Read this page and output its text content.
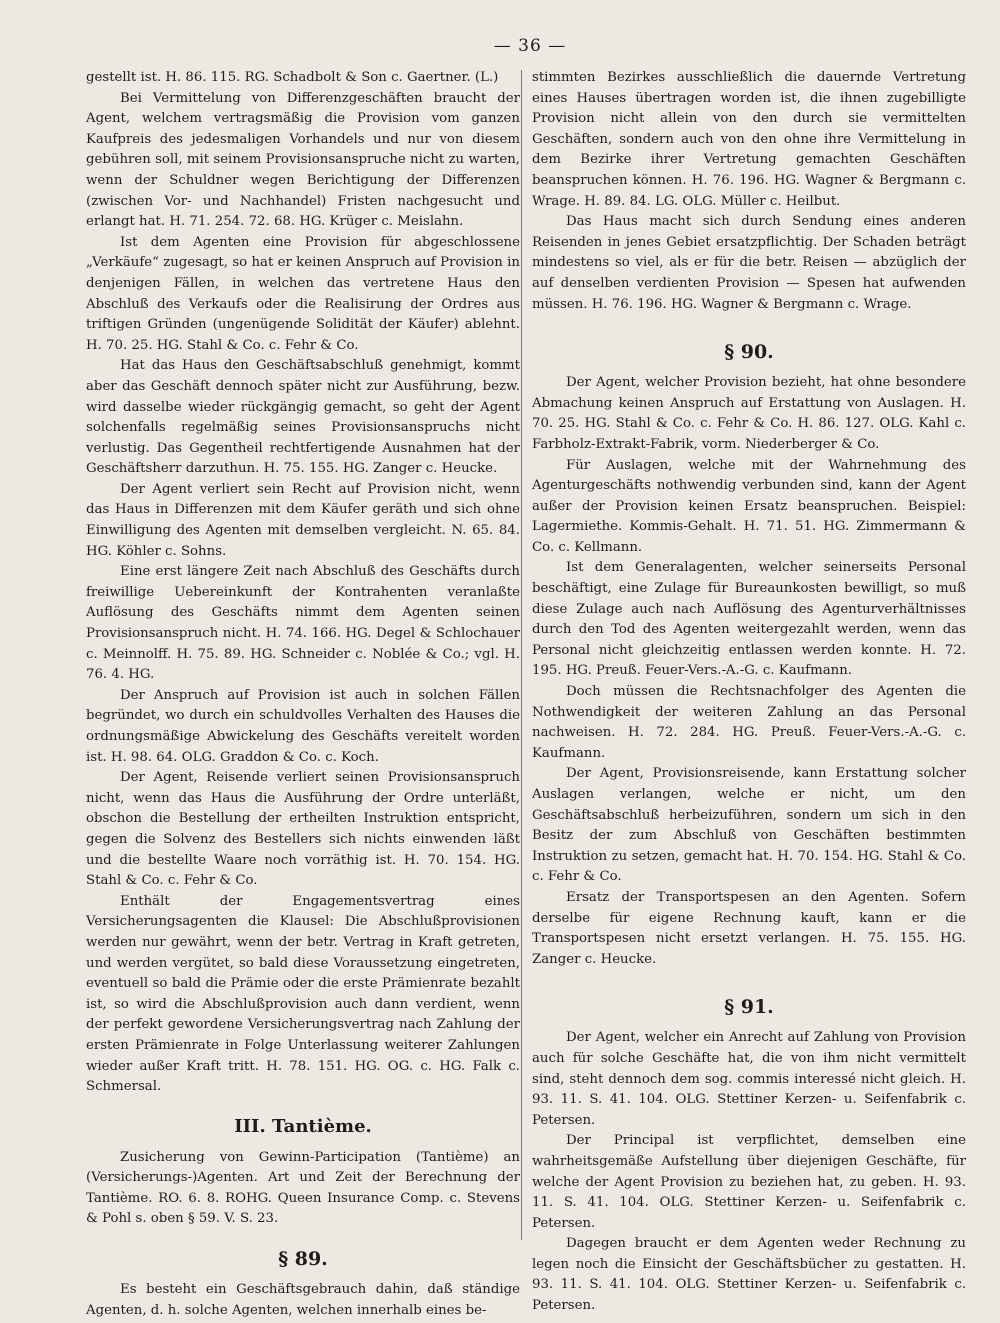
— 36 —

gestellt ist. H. 86. 115. RG. Schadbolt & Son c. Gaertner. (L.)

Bei Vermittelung von Differenzgeschäften braucht der Agent, welchem vertragsmäßig die Provision vom ganzen Kaufpreis des jedesmaligen Vorhandels und nur von diesem gebühren soll, mit seinem Provisionsanspruche nicht zu warten, wenn der Schuldner wegen Berichtigung der Differenzen (zwischen Vor- und Nachhandel) Fristen nachgesucht und erlangt hat. H. 71. 254. 72. 68. HG. Krüger c. Meislahn.

Ist dem Agenten eine Provision für abgeschlossene „Verkäufe“ zugesagt, so hat er keinen Anspruch auf Provision in denjenigen Fällen, in welchen das vertretene Haus den Abschluß des Verkaufs oder die Realisirung der Ordres aus triftigen Gründen (ungenügende Solidität der Käufer) ablehnt. H. 70. 25. HG. Stahl & Co. c. Fehr & Co.

Hat das Haus den Geschäftsabschluß genehmigt, kommt aber das Geschäft dennoch später nicht zur Ausführung, bezw. wird dasselbe wieder rückgängig gemacht, so geht der Agent solchenfalls regelmäßig seines Provisionsanspruchs nicht verlustig. Das Gegentheil rechtfertigende Ausnahmen hat der Geschäftsherr darzuthun. H. 75. 155. HG. Zanger c. Heucke.

Der Agent verliert sein Recht auf Provision nicht, wenn das Haus in Differenzen mit dem Käufer geräth und sich ohne Einwilligung des Agenten mit demselben vergleicht. N. 65. 84. HG. Köhler c. Sohns.

Eine erst längere Zeit nach Abschluß des Geschäfts durch freiwillige Uebereinkunft der Kontrahenten veranlaßte Auflösung des Geschäfts nimmt dem Agenten seinen Provisionsanspruch nicht. H. 74. 166. HG. Degel & Schlochauer c. Meinnolff. H. 75. 89. HG. Schneider c. Noblée & Co.; vgl. H. 76. 4. HG.

Der Anspruch auf Provision ist auch in solchen Fällen begründet, wo durch ein schuldvolles Verhalten des Hauses die ordnungsmäßige Abwickelung des Geschäfts vereitelt worden ist. H. 98. 64. OLG. Graddon & Co. c. Koch.

Der Agent, Reisende verliert seinen Provisionsanspruch nicht, wenn das Haus die Ausführung der Ordre unterläßt, obschon die Bestellung der ertheilten Instruktion entspricht, gegen die Solvenz des Bestellers sich nichts einwenden läßt und die bestellte Waare noch vorräthig ist. H. 70. 154. HG. Stahl & Co. c. Fehr & Co.

Enthält der Engagementsvertrag eines Versicherungsagenten die Klausel: Die Abschlußprovisionen werden nur gewährt, wenn der betr. Vertrag in Kraft getreten, und werden vergütet, so bald diese Voraussetzung eingetreten, eventuell so bald die Prämie oder die erste Prämienrate bezahlt ist, so wird die Abschlußprovision auch dann verdient, wenn der perfekt gewordene Versicherungsvertrag nach Zahlung der ersten Prämienrate in Folge Unterlassung weiterer Zahlungen wieder außer Kraft tritt. H. 78. 151. HG. OG. c. HG. Falk c. Schmersal.

III. Tantième.

Zusicherung von Gewinn-Participation (Tantième) an (Versicherungs-)Agenten. Art und Zeit der Berechnung der Tantième. RO. 6. 8. ROHG. Queen Insurance Comp. c. Stevens & Pohl s. oben § 59. V. S. 23.

§ 89.

Es besteht ein Geschäftsgebrauch dahin, daß ständige Agenten, d. h. solche Agenten, welchen innerhalb eines be-

stimmten Bezirkes ausschließlich die dauernde Vertretung eines Hauses übertragen worden ist, die ihnen zugebilligte Provision nicht allein von den durch sie vermittelten Geschäften, sondern auch von den ohne ihre Vermittelung in dem Bezirke ihrer Vertretung gemachten Geschäften beanspruchen können. H. 76. 196. HG. Wagner & Bergmann c. Wrage. H. 89. 84. LG. OLG. Müller c. Heilbut.

Das Haus macht sich durch Sendung eines anderen Reisenden in jenes Gebiet ersatzpflichtig. Der Schaden beträgt mindestens so viel, als er für die betr. Reisen — abzüglich der auf denselben verdienten Provision — Spesen hat aufwenden müssen. H. 76. 196. HG. Wagner & Bergmann c. Wrage.

§ 90.

Der Agent, welcher Provision bezieht, hat ohne besondere Abmachung keinen Anspruch auf Erstattung von Auslagen. H. 70. 25. HG. Stahl & Co. c. Fehr & Co. H. 86. 127. OLG. Kahl c. Farbholz-Extrakt-Fabrik, vorm. Niederberger & Co.

Für Auslagen, welche mit der Wahrnehmung des Agenturgeschäfts nothwendig verbunden sind, kann der Agent außer der Provision keinen Ersatz beanspruchen. Beispiel: Lagermiethe. Kommis-Gehalt. H. 71. 51. HG. Zimmermann & Co. c. Kellmann.

Ist dem Generalagenten, welcher seinerseits Personal beschäftigt, eine Zulage für Bureaunkosten bewilligt, so muß diese Zulage auch nach Auflösung des Agenturverhältnisses durch den Tod des Agenten weitergezahlt werden, wenn das Personal nicht gleichzeitig entlassen werden konnte. H. 72. 195. HG. Preuß. Feuer-Vers.-A.-G. c. Kaufmann.

Doch müssen die Rechtsnachfolger des Agenten die Nothwendigkeit der weiteren Zahlung an das Personal nachweisen. H. 72. 284. HG. Preuß. Feuer-Vers.-A.-G. c. Kaufmann.

Der Agent, Provisionsreisende, kann Erstattung solcher Auslagen verlangen, welche er nicht, um den Geschäftsabschluß herbeizuführen, sondern um sich in den Besitz der zum Abschluß von Geschäften bestimmten Instruktion zu setzen, gemacht hat. H. 70. 154. HG. Stahl & Co. c. Fehr & Co.

Ersatz der Transportspesen an den Agenten. Sofern derselbe für eigene Rechnung kauft, kann er die Transportspesen nicht ersetzt verlangen. H. 75. 155. HG. Zanger c. Heucke.

§ 91.

Der Agent, welcher ein Anrecht auf Zahlung von Provision auch für solche Geschäfte hat, die von ihm nicht vermittelt sind, steht dennoch dem sog. commis interessé nicht gleich. H. 93. 11. S. 41. 104. OLG. Stettiner Kerzen- u. Seifenfabrik c. Petersen.

Der Principal ist verpflichtet, demselben eine wahrheitsgemäße Aufstellung über diejenigen Geschäfte, für welche der Agent Provision zu beziehen hat, zu geben. H. 93. 11. S. 41. 104. OLG. Stettiner Kerzen- u. Seifenfabrik c. Petersen.

Dagegen braucht er dem Agenten weder Rechnung zu legen noch die Einsicht der Geschäftsbücher zu gestatten. H. 93. 11. S. 41. 104. OLG. Stettiner Kerzen- u. Seifenfabrik c. Petersen.
